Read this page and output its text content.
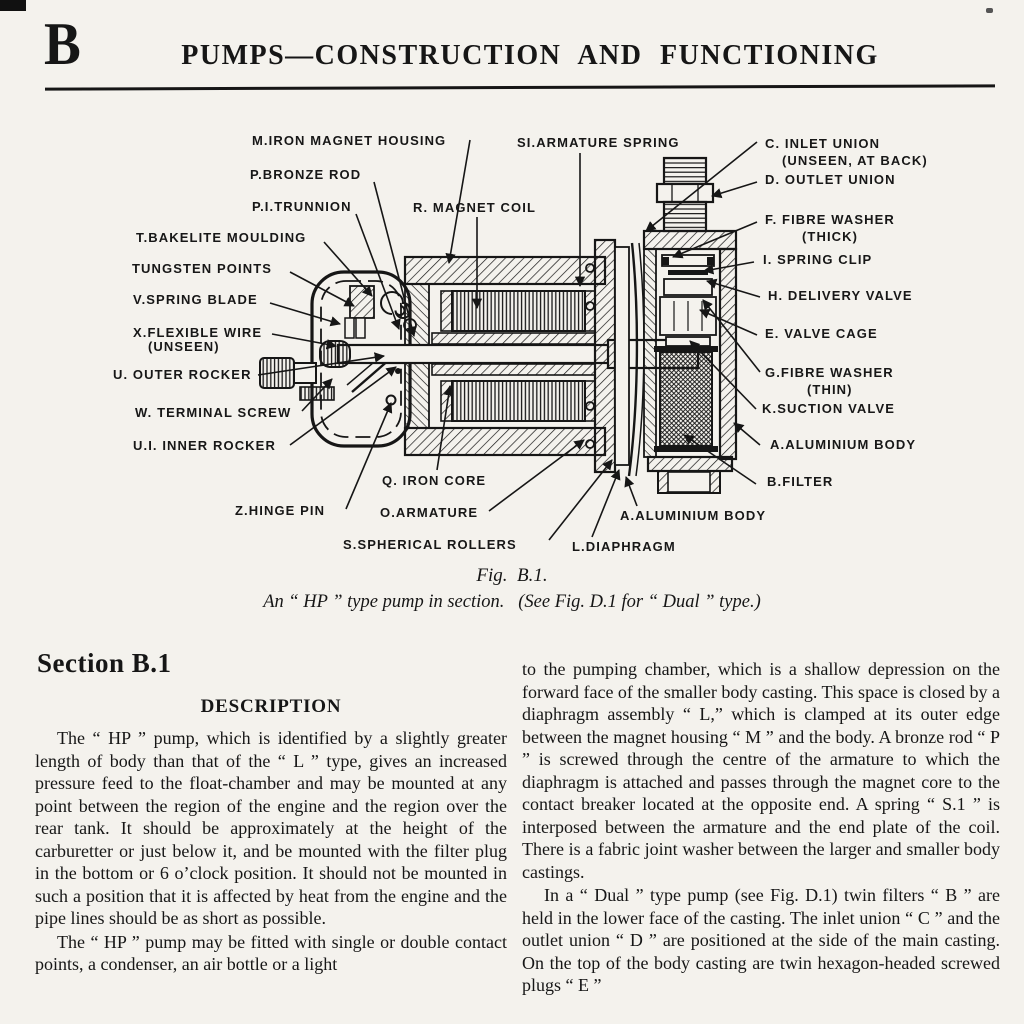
B	PUMPS—CONSTRUCTION AND FUNCTIONING
M.IRON MAGNET HOUSING
P.BRONZE ROD
P.I.TRUNNION	R. MAGNET COIL
T.BAKELITE MOULDING
TUNGSTEN POINTS
V.SPRING BLADE
X.FLEXIBLE WIRE
(UNSEEN)
U. OUTER ROCKER
W. TERMINAL SCREW
U.I. INNER ROCKER
Z.HINGE PIN
Q. IRON CORE
O.ARMATURE
S.SPHERICAL ROLLERS	L.DIAPHRAGM
A.ALUMINIUM BODY
SI.ARMATURE SPRING	C. INLET UNION
(UNSEEN, AT BACK)
D. OUTLET UNION
F. FIBRE WASHER
(THICK)
I. SPRING CLIP
H. DELIVERY VALVE
E. VALVE CAGE
G.FIBRE WASHER
(THIN)
K.SUCTION VALVE
A.ALUMINIUM BODY
B.FILTER
Fig.  B.1.
An “ HP ” type pump in section.   (See Fig. D.1 for “ Dual ” type.)
Section B.1
DESCRIPTION

The “ HP ” pump, which is identified by a slightly greater length of body than that of the “ L ” type, gives an increased pressure feed to the float-chamber and may be mounted at any point between the region of the engine and the region over the rear tank. It should be approximately at the height of the carburetter or just below it, and be mounted with the filter plug in the bottom or 6 o’clock position. It should not be mounted in such a position that it is affected by heat from the engine and the pipe lines should be as short as possible.

The “ HP ” pump may be fitted with single or double contact points, a condenser, an air bottle or a light

to the pumping chamber, which is a shallow depression on the forward face of the smaller body casting. This space is closed by a diaphragm assembly “ L,” which is clamped at its outer edge between the magnet housing “ M ” and the body. A bronze rod “ P ” is screwed through the centre of the armature to which the diaphragm is attached and passes through the magnet core to the contact breaker located at the opposite end. A spring “ S.1 ” is interposed between the armature and the end plate of the coil. There is a fabric joint washer between the larger and smaller body castings.

In a “ Dual ” type pump (see Fig. D.1) twin filters “ B ” are held in the lower face of the casting. The inlet union “ C ” and the outlet union “ D ” are positioned at the side of the main casting. On the top of the body casting are twin hexagon-headed screwed plugs “ E ”
